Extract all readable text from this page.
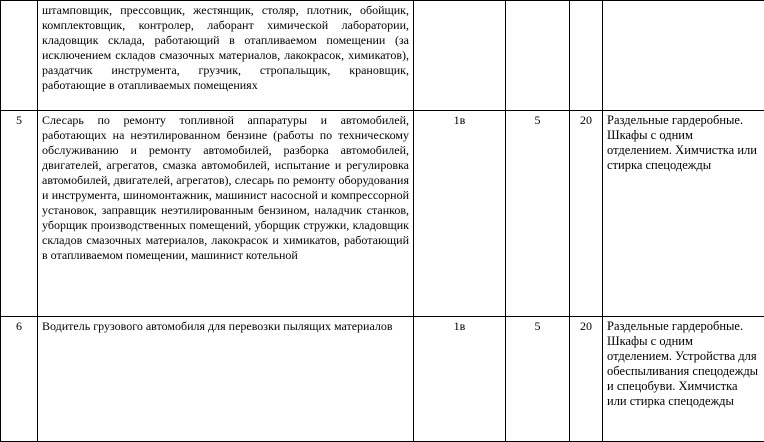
	штамповщик, прессовщик, жестянщик, столяр, плотник, обойщик, комплектовщик, контролер, лаборант химической лаборатории, кладовщик склада, работающий в отапливаемом помещении (за исключением складов смазочных материалов, лакокрасок, химикатов), раздатчик инструмента, грузчик, стропальщик, крановщик, работающие в отапливаемых помещениях				
5	Слесарь по ремонту топливной аппаратуры и автомобилей, работающих на неэтилированном бензине (работы по техническому обслуживанию и ремонту автомобилей, разборка автомобилей, двигателей, агрегатов, смазка автомобилей, испытание и регулировка автомобилей, двигателей, агрегатов), слесарь по ремонту оборудования и инструмента, шиномонтажник, машинист насосной и компрессорной установок, заправщик неэтилированным бензином, наладчик станков, уборщик производственных помещений, уборщик стружки, кладовщик складов смазочных материалов, лакокрасок и химикатов, работающий в отапливаемом помещении, машинист котельной	1в	5	20	Раздельные гардеробные. Шкафы с одним отделением. Химчистка или стирка спецодежды
6	Водитель грузового автомобиля для перевозки пылящих материалов	1в	5	20	Раздельные гардеробные. Шкафы с одним отделением. Устройства для обеспыливания спецодежды и спецобуви. Химчистка или стирка спецодежды
